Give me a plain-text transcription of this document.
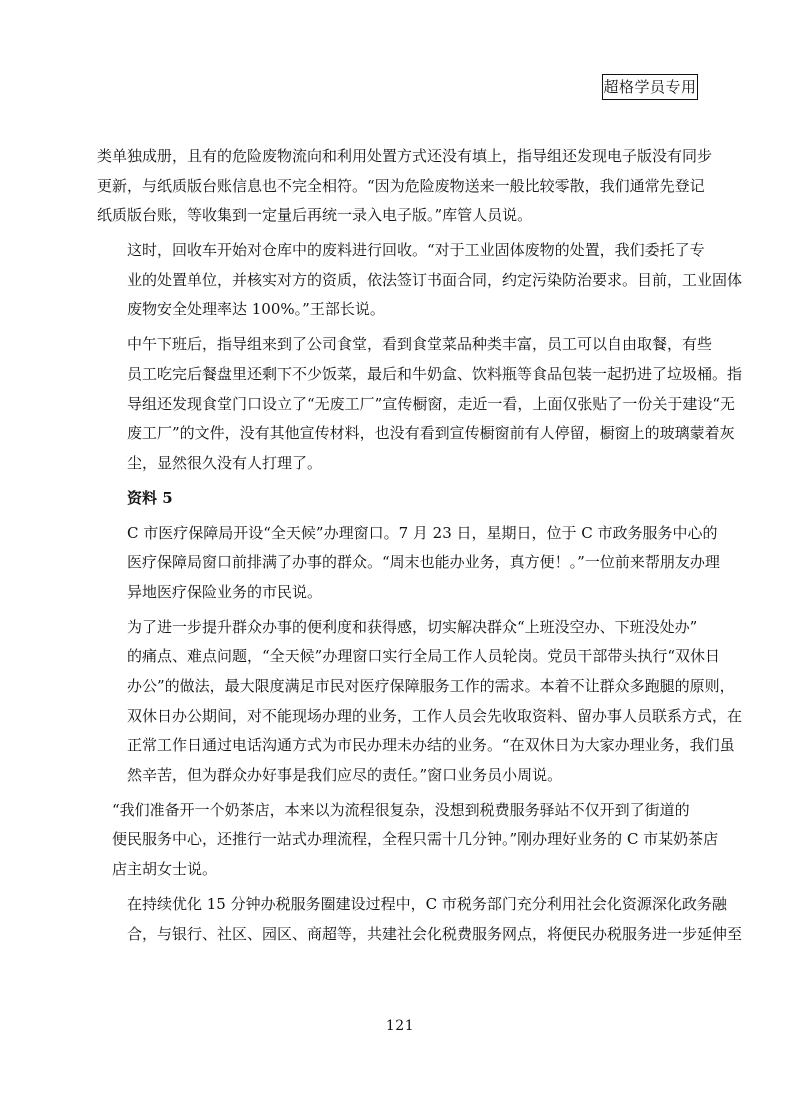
超格学员专用

类单独成册，且有的危险废物流向和利用处置方式还没有填上，指导组还发现电子版没有同步
更新，与纸质版台账信息也不完全相符。“因为危险废物送来一般比较零散，我们通常先登记
纸质版台账，等收集到一定量后再统一录入电子版。”库管人员说。

这时，回收车开始对仓库中的废料进行回收。“对于工业固体废物的处置，我们委托了专
业的处置单位，并核实对方的资质，依法签订书面合同，约定污染防治要求。目前，工业固体
废物安全处理率达 100%。”王部长说。

中午下班后，指导组来到了公司食堂，看到食堂菜品种类丰富，员工可以自由取餐，有些
员工吃完后餐盘里还剩下不少饭菜，最后和牛奶盒、饮料瓶等食品包装一起扔进了垃圾桶。指
导组还发现食堂门口设立了“无废工厂”宣传橱窗，走近一看，上面仅张贴了一份关于建设“无
废工厂”的文件，没有其他宣传材料，也没有看到宣传橱窗前有人停留，橱窗上的玻璃蒙着灰
尘，显然很久没有人打理了。

资料 5

C 市医疗保障局开设“全天候”办理窗口。7 月 23 日，星期日，位于 C 市政务服务中心的
医疗保障局窗口前排满了办事的群众。“周末也能办业务，真方便！。”一位前来帮朋友办理
异地医疗保险业务的市民说。

为了进一步提升群众办事的便利度和获得感，切实解决群众“上班没空办、下班没处办”
的痛点、难点问题，“全天候”办理窗口实行全局工作人员轮岗。党员干部带头执行“双休日
办公”的做法，最大限度满足市民对医疗保障服务工作的需求。本着不让群众多跑腿的原则，
双休日办公期间，对不能现场办理的业务，工作人员会先收取资料、留办事人员联系方式，在
正常工作日通过电话沟通方式为市民办理未办结的业务。“在双休日为大家办理业务，我们虽
然辛苦，但为群众办好事是我们应尽的责任。”窗口业务员小周说。

“我们准备开一个奶茶店，本来以为流程很复杂，没想到税费服务驿站不仅开到了街道的
便民服务中心，还推行一站式办理流程，全程只需十几分钟。”刚办理好业务的 C 市某奶茶店
店主胡女士说。

在持续优化 15 分钟办税服务圈建设过程中，C 市税务部门充分利用社会化资源深化政务融
合，与银行、社区、园区、商超等，共建社会化税费服务网点，将便民办税服务进一步延伸至

121
